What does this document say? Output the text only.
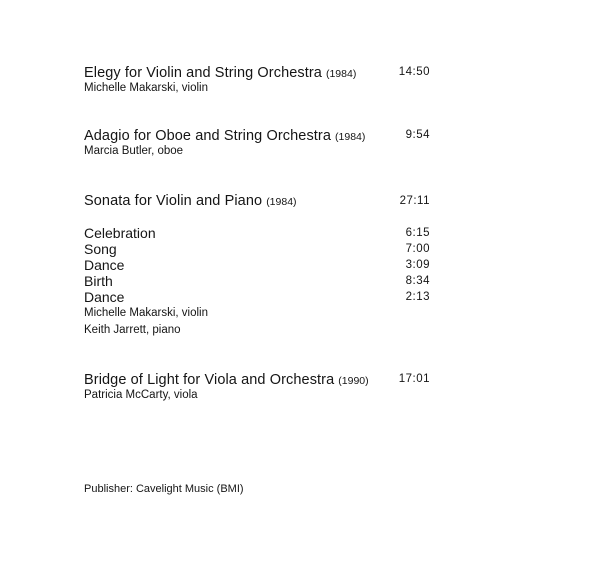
Elegy for Violin and String Orchestra (1984)	14:50
Michelle Makarski, violin
Adagio for Oboe and String Orchestra (1984)	9:54
Marcia Butler, oboe
Sonata for Violin and Piano (1984)	27:11
Celebration	6:15
Song	7:00
Dance	3:09
Birth	8:34
Dance	2:13
Michelle Makarski, violin
Keith Jarrett, piano
Bridge of Light for Viola and Orchestra (1990)	17:01
Patricia McCarty, viola
Publisher: Cavelight Music (BMI)
